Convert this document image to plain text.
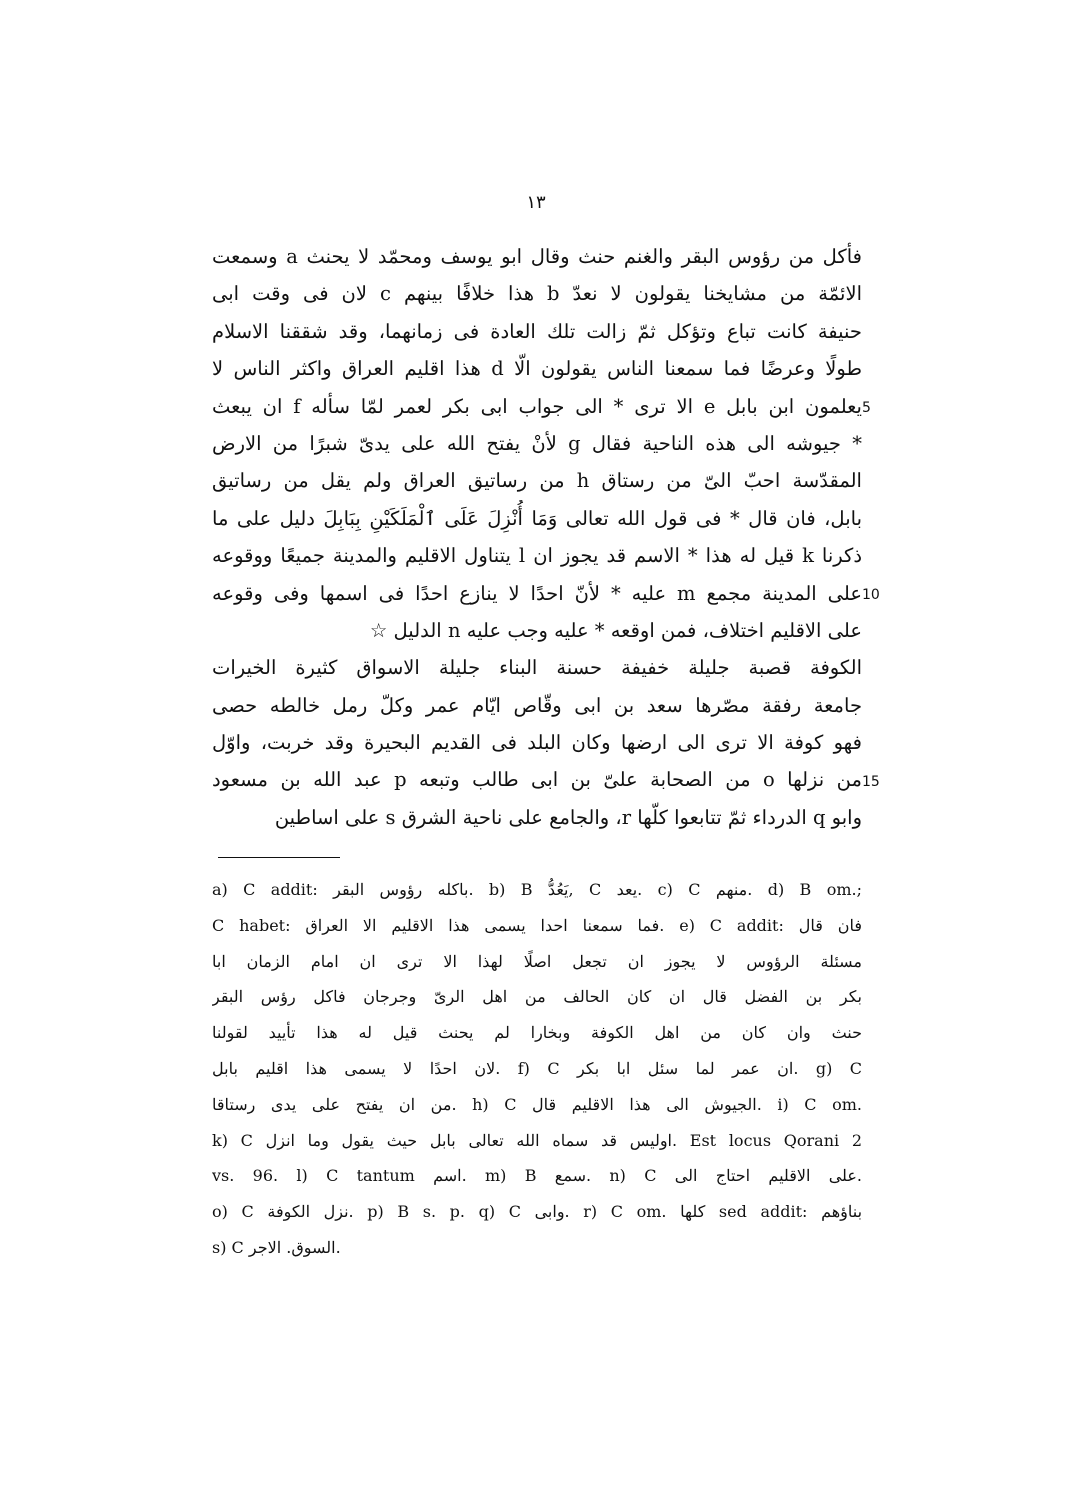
١٣
فأكل من رؤوس البقر والغنم حنث وقال ابو يوسف ومحمّد لا يحنث a وسمعت
الائمّة من مشايخنا يقولون لا نعدّ b هذا خلافًا بينهم c لان فى وقت ابى
حنيفة كانت تباع وتؤكل ثمّ زالت تلك العادة فى زمانهما، وقد شققنا الاسلام
طولًا وعرضًا فما سمعنا الناس يقولون الّا d هذا اقليم العراق واكثر الناس لا
يعلمون ابن بابل e الا ترى * الى جواب ابى بكر لعمر لمّا سأله f ان يبعث
* جيوشه الى هذه الناحية فقال g لأنْ يفتح الله على يدىّ شبرًا من الارض
المقدّسة احبّ الىّ من رستاق h من رساتيق العراق ولم يقل من رساتيق
بابل، فان قال * فى قول الله تعالى وَمَا أُنْزِلَ عَلَى ٱلْمَلَكَيْنِ بِبَابِلَ دليل على ما
ذكرنا k قيل له هذا * الاسم قد يجوز ان l يتناول الاقليم والمدينة جميعًا ووقوعه
على المدينة مجمع m عليه * لأنّ احدًا لا ينازع احدًا فى اسمها وفى وقوعه
على الاقليم اختلاف، فمن اوقعه * عليه وجب عليه n الدليل ☆
الكوفة قصبة جليلة خفيفة حسنة البناء جليلة الاسواق كثيرة الخيرات
جامعة رفقة مصّرها سعد بن ابى وقّاص ايّام عمر وكلّ رمل خالطه حصى
فهو كوفة الا ترى الى ارضها وكان البلد فى القديم البحيرة وقد خربت، واوّل
من نزلها o من الصحابة علىّ بن ابى طالب وتبعه p عبد الله بن مسعود
وابو q الدرداء ثمّ تتابعوا كلّها r، والجامع على ناحية الشرق s على اساطين
5
10
15
a) C addit: باكله رؤوس البقر. b) B يَعُدُّ, C يعد. c) C منهم. d) B om.;
C habet: فما سمعنا احدا يسمى هذا الاقليم الا العراق. e) C addit: فان قال
مسئلة الرؤوس لا يجوز ان تجعل اصلًا لهذا الا ترى ان امام الزمان ابا
بكر بن الفضل قال ان كان الحالف من اهل الرىّ وجرجان فاكل رؤس البقر
حنث وان كان من اهل الكوفة وبخارا لم يحنث قيل له هذا تأييد لقولنا
لان احدًا لا يسمى هذا اقليم بابل. f) C ان عمر لما سئل ابا بكر. g) C
من ان يفتح على يدى رستاقا. h) C الجيوش الى هذا الاقليم قال. i) C om.
k) C اوليس قد سماه الله تعالى بابل حيث يقول وما انزل. Est locus Qorani 2
vs. 96. l) C tantum اسم. m) B سمع. n) C على الاقليم احتاج الى.
o) C نزل الكوفة. p) B s. p. q) C وابى. r) C om. كلها sed addit: بناؤهم
s) C السوق. الاجر.
